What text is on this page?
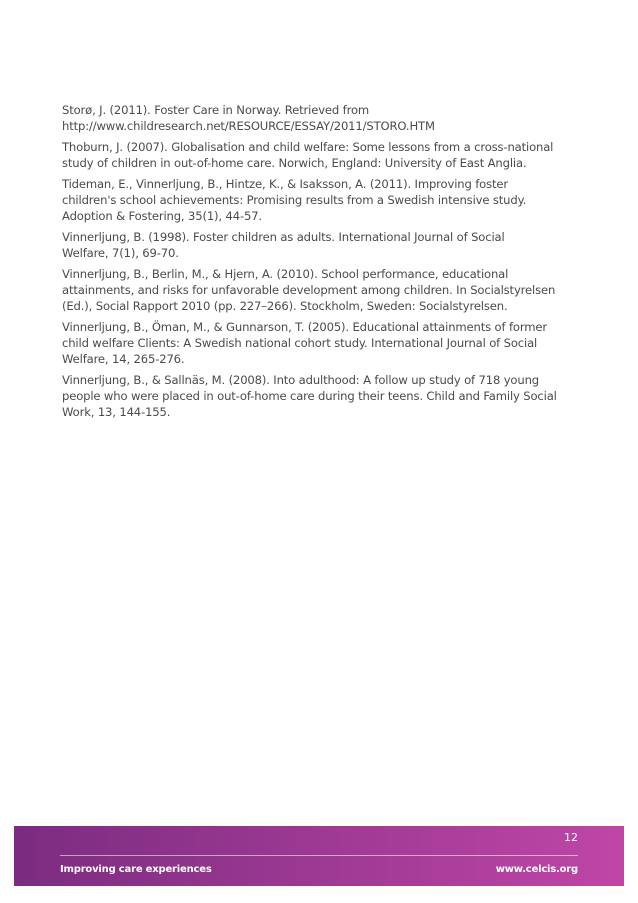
Storø, J. (2011). Foster Care in Norway. Retrieved from
http://www.childresearch.net/RESOURCE/ESSAY/2011/STORO.HTM

Thoburn, J. (2007). Globalisation and child welfare: Some lessons from a cross-national
study of children in out-of-home care. Norwich, England: University of East Anglia.

Tideman, E., Vinnerljung, B., Hintze, K., & Isaksson, A. (2011). Improving foster
children's school achievements: Promising results from a Swedish intensive study.
Adoption & Fostering, 35(1), 44-57.

Vinnerljung, B. (1998). Foster children as adults. International Journal of Social
Welfare, 7(1), 69-70.

Vinnerljung, B., Berlin, M., & Hjern, A. (2010). School performance, educational
attainments, and risks for unfavorable development among children. In Socialstyrelsen
(Ed.), Social Rapport 2010 (pp. 227–266). Stockholm, Sweden: Socialstyrelsen.

Vinnerljung, B., Öman, M., & Gunnarson, T. (2005). Educational attainments of former
child welfare Clients: A Swedish national cohort study. International Journal of Social
Welfare, 14, 265-276.

Vinnerljung, B., & Sallnäs, M. (2008). Into adulthood: A follow up study of 718 young
people who were placed in out-of-home care during their teens. Child and Family Social
Work, 13, 144-155.

12
Improving care experiences	www.celcis.org
